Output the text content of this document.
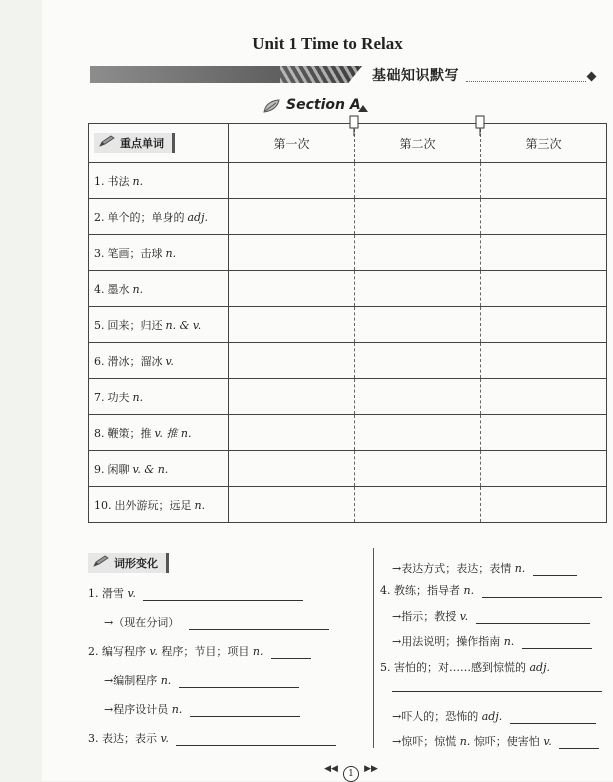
Unit 1 Time to Relax
基础知识默写
Section A
重点单词	第一次	第二次	第三次
1. 书法 n.			
2. 单个的；单身的 adj.			
3. 笔画；击球 n.			
4. 墨水 n.			
5. 回来；归还 n. & v.			
6. 滑冰；溜冰 v.			
7. 功夫 n.			
8. 鞭策；推 v. 推 n.			
9. 闲聊 v. & n.			
10. 出外游玩；远足 n.			
词形变化
1. 滑雪 v.
→（现在分词）
2. 编写程序 v. 程序；节目；项目 n.
→编制程序 n.
→程序设计员 n.
3. 表达；表示 v.
→表达方式；表达；表情 n.
4. 教练；指导者 n.
→指示；教授 v.
→用法说明；操作指南 n.
5. 害怕的；对……感到惊慌的 adj.
→吓人的；恐怖的 adj.
→惊吓；惊慌 n. 惊吓；使害怕 v.
◀◀ 1 ▶▶
